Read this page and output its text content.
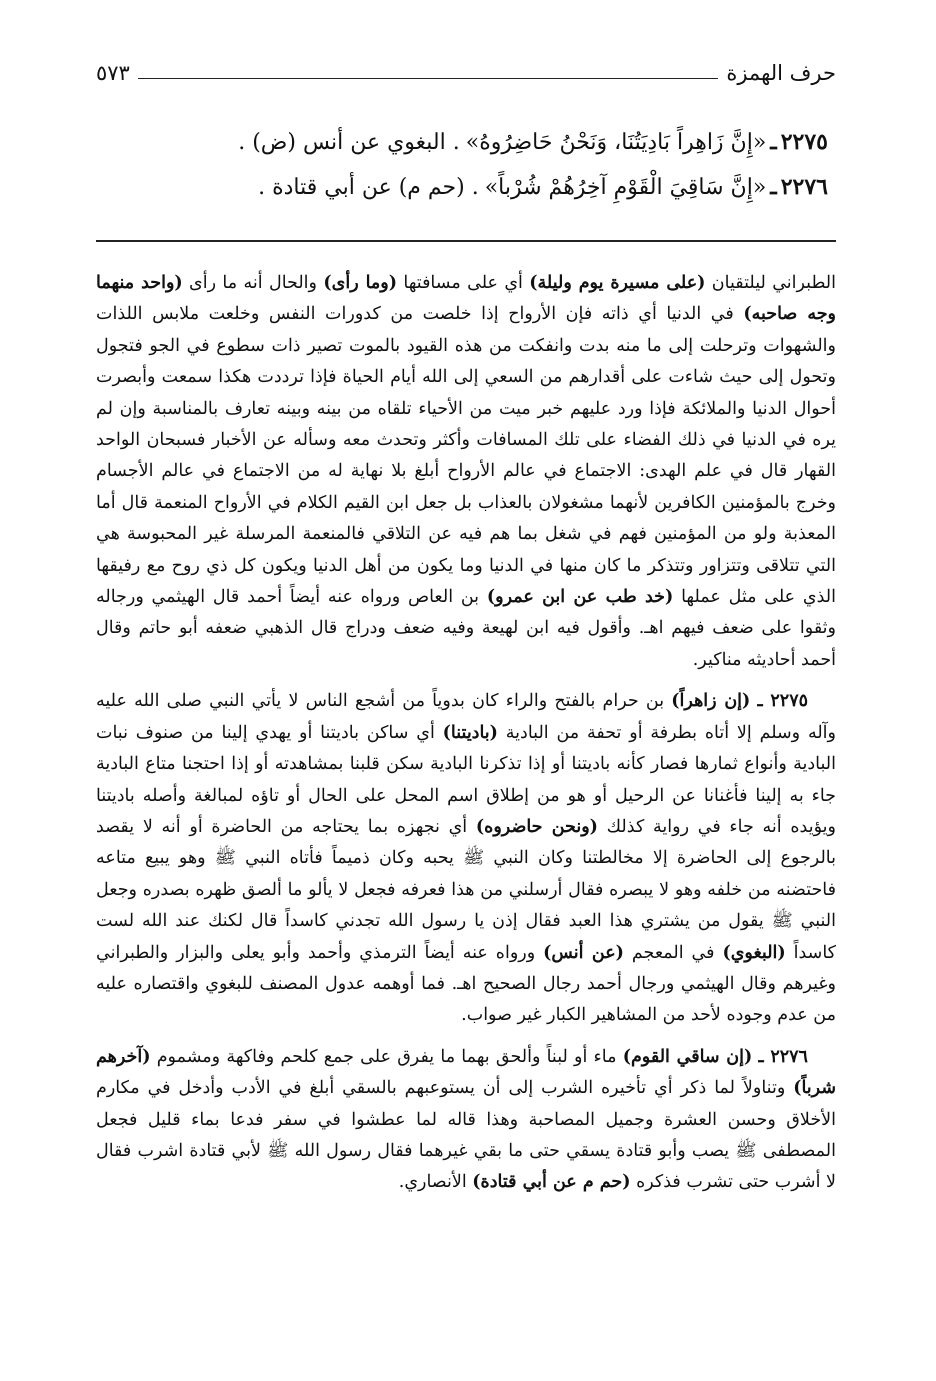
حرف الهمزة
٥٧٣
٢٢٧٥ـ«إِنَّ زَاهِراً بَادِيَتُنَا، وَنَحْنُ حَاضِرُوهُ». البغوي عن أنس (ض) .
٢٢٧٦ـ«إِنَّ سَاقِيَ الْقَوْمِ آخِرُهُمْ شُرْباً». (حم م) عن أبي قتادة .

الطبراني ليلتقيان (على مسيرة يوم وليلة) أي على مسافتها (وما رأى) والحال أنه ما رأى (واحد منهما وجه صاحبه) في الدنيا أي ذاته فإن الأرواح إذا خلصت من كدورات النفس وخلعت ملابس اللذات والشهوات وترحلت إلى ما منه بدت وانفكت من هذه القيود بالموت تصير ذات سطوع في الجو فتجول وتحول إلى حيث شاءت على أقدارهم من السعي إلى الله أيام الحياة فإذا ترددت هكذا سمعت وأبصرت أحوال الدنيا والملائكة فإذا ورد عليهم خبر ميت من الأحياء تلقاه من بينه وبينه تعارف بالمناسبة وإن لم يره في الدنيا في ذلك الفضاء على تلك المسافات وأكثر وتحدث معه وسأله عن الأخبار فسبحان الواحد القهار قال في علم الهدى: الاجتماع في عالم الأرواح أبلغ بلا نهاية له من الاجتماع في عالم الأجسام وخرج بالمؤمنين الكافرين لأنهما مشغولان بالعذاب بل جعل ابن القيم الكلام في الأرواح المنعمة قال أما المعذبة ولو من المؤمنين فهم في شغل بما هم فيه عن التلاقي فالمنعمة المرسلة غير المحبوسة هي التي تتلاقى وتتزاور وتتذكر ما كان منها في الدنيا وما يكون من أهل الدنيا ويكون كل ذي روح مع رفيقها الذي على مثل عملها (خد طب عن ابن عمرو) بن العاص ورواه عنه أيضاً أحمد قال الهيثمي ورجاله وثقوا على ضعف فيهم اهـ. وأقول فيه ابن لهيعة وفيه ضعف ودراج قال الذهبي ضعفه أبو حاتم وقال أحمد أحاديثه مناكير.

٢٢٧٥ ـ (إن زاهراً) بن حرام بالفتح والراء كان بدوياً من أشجع الناس لا يأتي النبي صلى الله عليه وآله وسلم إلا أتاه بطرفة أو تحفة من البادية (باديتنا) أي ساكن باديتنا أو يهدي إلينا من صنوف نبات البادية وأنواع ثمارها فصار كأنه باديتنا أو إذا تذكرنا البادية سكن قلبنا بمشاهدته أو إذا احتجنا متاع البادية جاء به إلينا فأغنانا عن الرحيل أو هو من إطلاق اسم المحل على الحال أو تاؤه لمبالغة وأصله باديتنا ويؤيده أنه جاء في رواية كذلك (ونحن حاضروه) أي نجهزه بما يحتاجه من الحاضرة أو أنه لا يقصد بالرجوع إلى الحاضرة إلا مخالطتنا وكان النبي ﷺ يحبه وكان ذميماً فأتاه النبي ﷺ وهو يبيع متاعه فاحتضنه من خلفه وهو لا يبصره فقال أرسلني من هذا فعرفه فجعل لا يألو ما ألصق ظهره بصدره وجعل النبي ﷺ يقول من يشتري هذا العبد فقال إذن يا رسول الله تجدني كاسداً قال لكنك عند الله لست كاسداً (البغوي) في المعجم (عن أنس) ورواه عنه أيضاً الترمذي وأحمد وأبو يعلى والبزار والطبراني وغيرهم وقال الهيثمي ورجال أحمد رجال الصحيح اهـ. فما أوهمه عدول المصنف للبغوي واقتصاره عليه من عدم وجوده لأحد من المشاهير الكبار غير صواب.

٢٢٧٦ ـ (إن ساقي القوم) ماء أو لبناً وألحق بهما ما يفرق على جمع كلحم وفاكهة ومشموم (آخرهم شرباً) وتناولاً لما ذكر أي تأخيره الشرب إلى أن يستوعبهم بالسقي أبلغ في الأدب وأدخل في مكارم الأخلاق وحسن العشرة وجميل المصاحبة وهذا قاله لما عطشوا في سفر فدعا بماء قليل فجعل المصطفى ﷺ يصب وأبو قتادة يسقي حتى ما بقي غيرهما فقال رسول الله ﷺ لأبي قتادة اشرب فقال لا أشرب حتى تشرب فذكره (حم م عن أبي قتادة) الأنصاري.
